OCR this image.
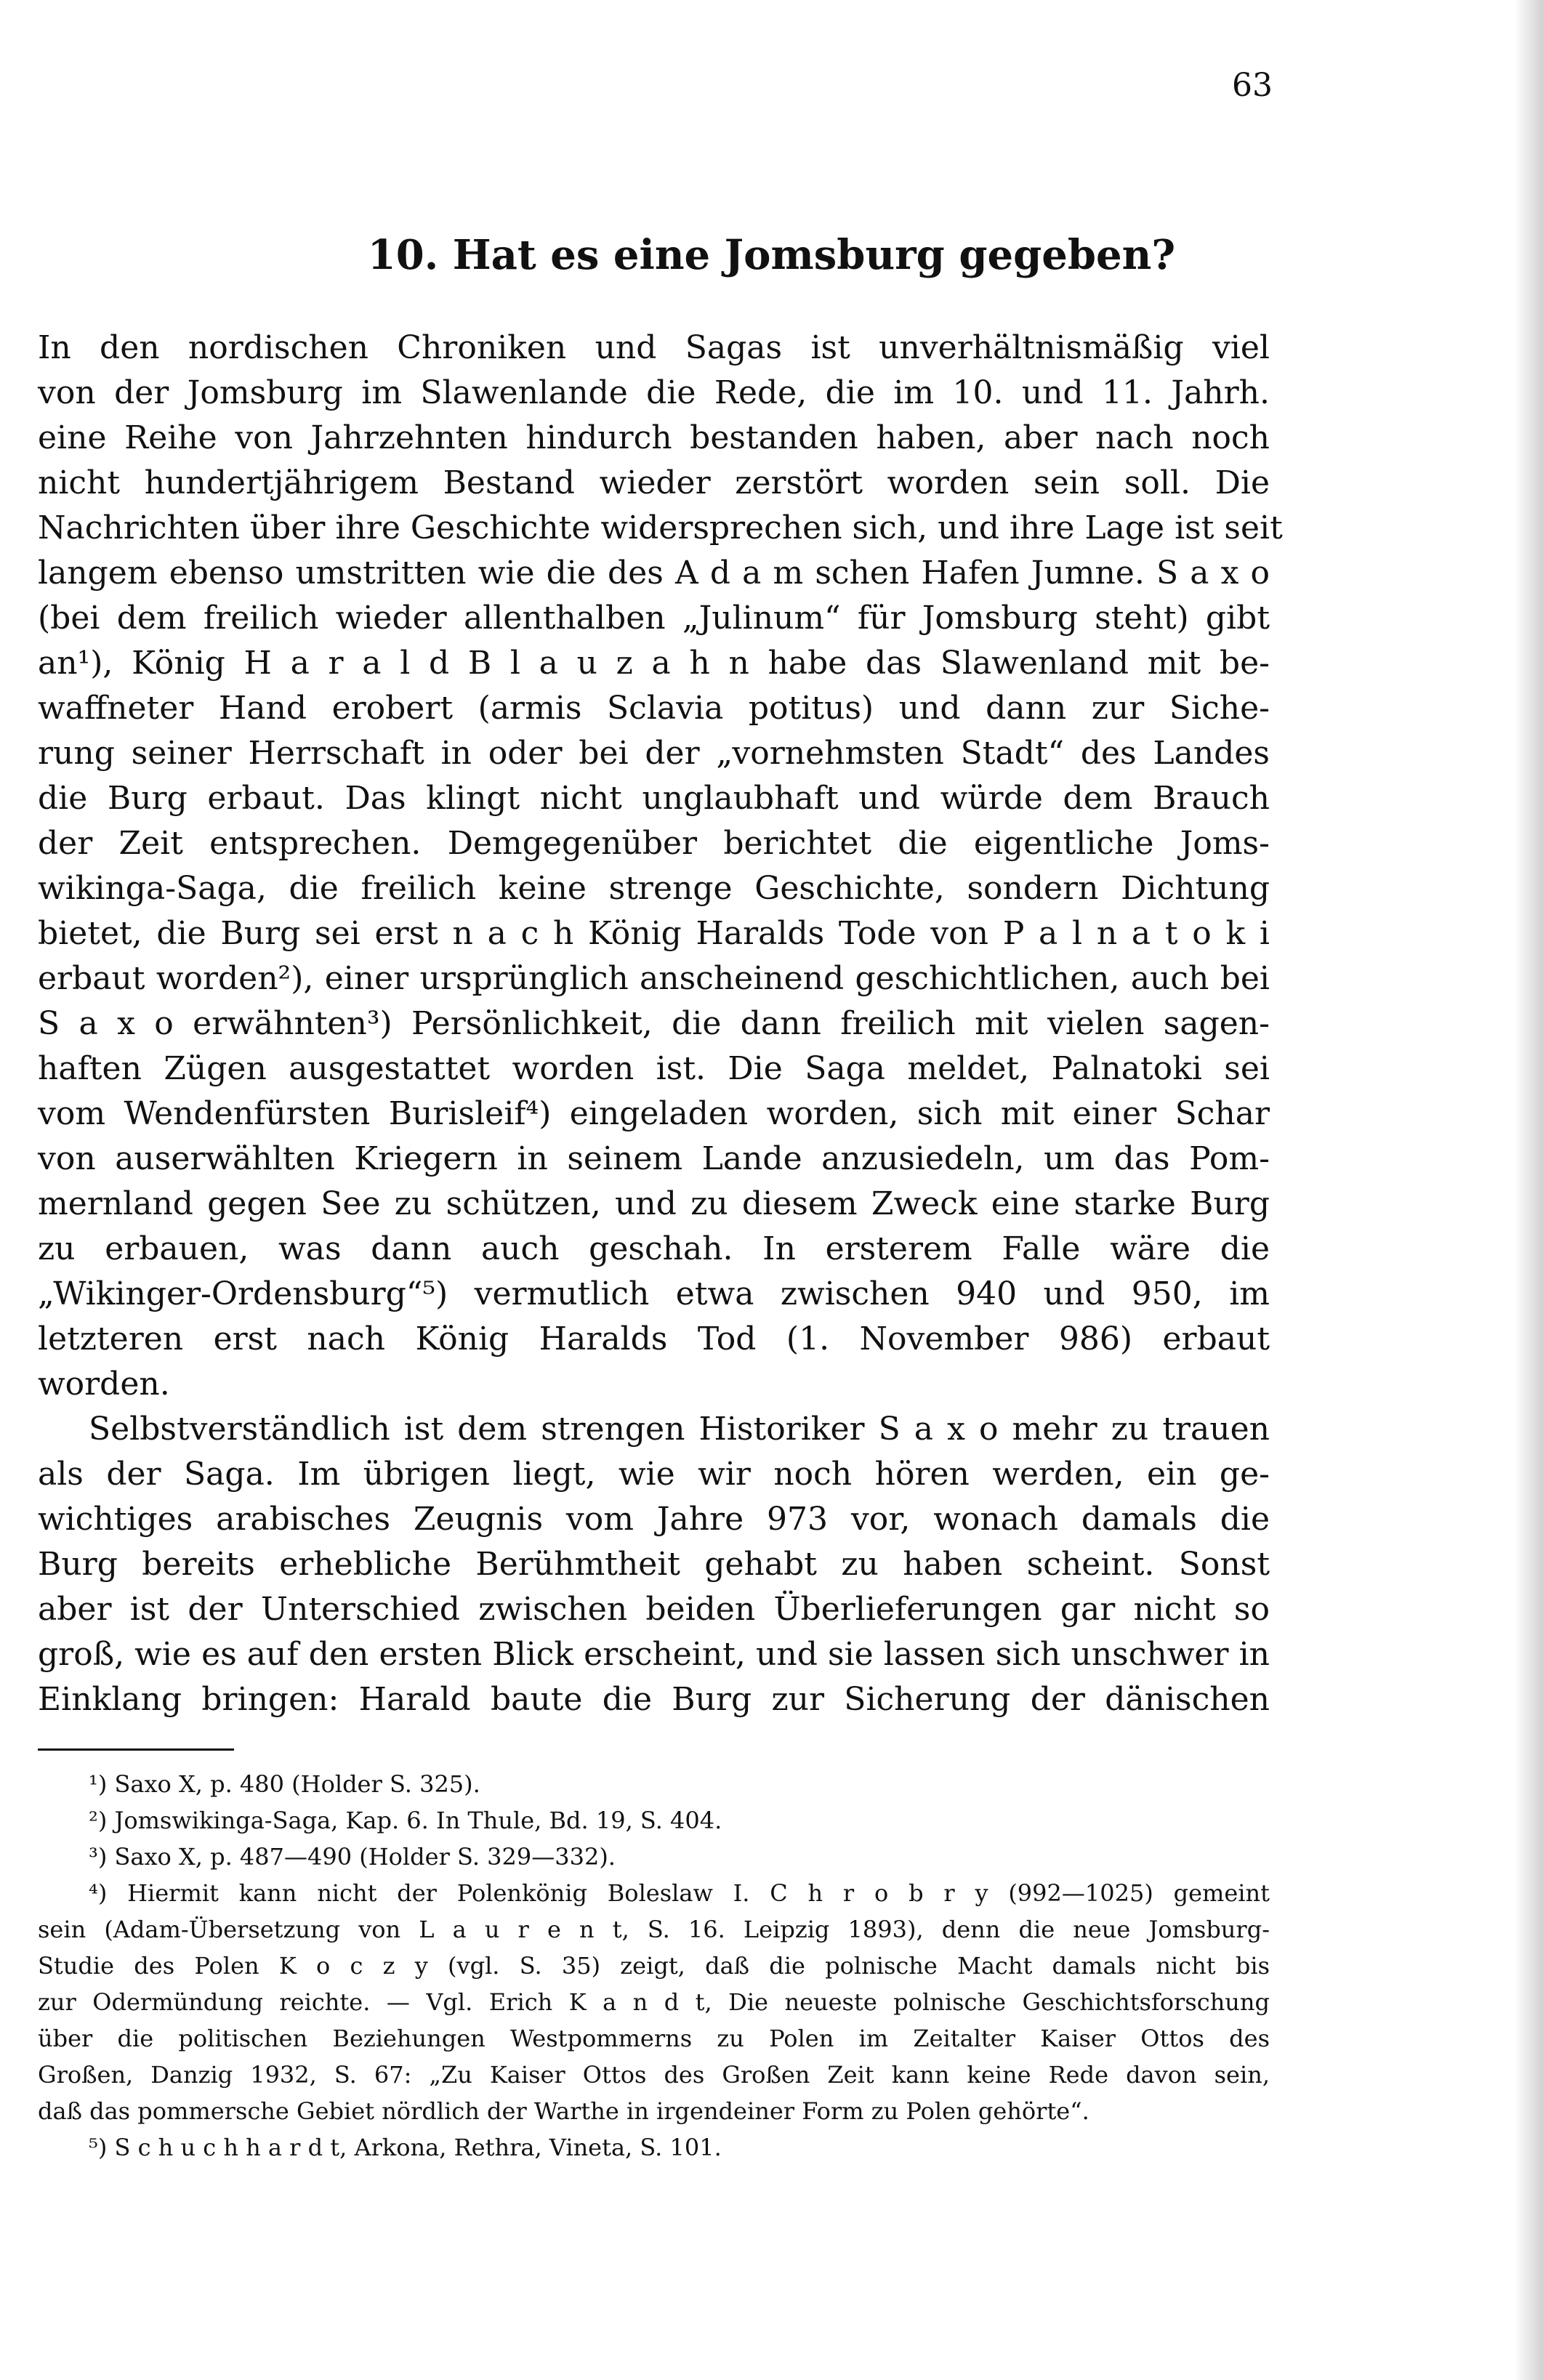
63
10. Hat es eine Jomsburg gegeben?
In den nordischen Chroniken und Sagas ist unverhältnismäßig viel
von der Jomsburg im Slawenlande die Rede, die im 10. und 11. Jahrh.
eine Reihe von Jahrzehnten hindurch bestanden haben, aber nach noch
nicht hundertjährigem Bestand wieder zerstört worden sein soll. Die
Nachrichten über ihre Geschichte widersprechen sich, und ihre Lage ist seit
langem ebenso umstritten wie die des A d a m schen Hafen Jumne. S a x o
(bei dem freilich wieder allenthalben „Julinum“ für Jomsburg steht) gibt
an¹), König H a r a l d B l a u z a h n habe das Slawenland mit be-
waffneter Hand erobert (armis Sclavia potitus) und dann zur Siche-
rung seiner Herrschaft in oder bei der „vornehmsten Stadt“ des Landes
die Burg erbaut. Das klingt nicht unglaubhaft und würde dem Brauch
der Zeit entsprechen. Demgegenüber berichtet die eigentliche Joms-
wikinga-Saga, die freilich keine strenge Geschichte, sondern Dichtung
bietet, die Burg sei erst n a c h König Haralds Tode von P a l n a t o k i
erbaut worden²), einer ursprünglich anscheinend geschichtlichen, auch bei
S a x o erwähnten³) Persönlichkeit, die dann freilich mit vielen sagen-
haften Zügen ausgestattet worden ist. Die Saga meldet, Palnatoki sei
vom Wendenfürsten Burisleif⁴) eingeladen worden, sich mit einer Schar
von auserwählten Kriegern in seinem Lande anzusiedeln, um das Pom-
mernland gegen See zu schützen, und zu diesem Zweck eine starke Burg
zu erbauen, was dann auch geschah. In ersterem Falle wäre die
„Wikinger-Ordensburg“⁵) vermutlich etwa zwischen 940 und 950, im
letzteren erst nach König Haralds Tod (1. November 986) erbaut
worden.
Selbstverständlich ist dem strengen Historiker S a x o mehr zu trauen
als der Saga. Im übrigen liegt, wie wir noch hören werden, ein ge-
wichtiges arabisches Zeugnis vom Jahre 973 vor, wonach damals die
Burg bereits erhebliche Berühmtheit gehabt zu haben scheint. Sonst
aber ist der Unterschied zwischen beiden Überlieferungen gar nicht so
groß, wie es auf den ersten Blick erscheint, und sie lassen sich unschwer in
Einklang bringen: Harald baute die Burg zur Sicherung der dänischen
¹) Saxo X, p. 480 (Holder S. 325).
²) Jomswikinga-Saga, Kap. 6. In Thule, Bd. 19, S. 404.
³) Saxo X, p. 487—490 (Holder S. 329—332).
⁴) Hiermit kann nicht der Polenkönig Boleslaw I. C h r o b r y (992—1025) gemeint
sein (Adam-Übersetzung von L a u r e n t, S. 16. Leipzig 1893), denn die neue Jomsburg-
Studie des Polen K o c z y (vgl. S. 35) zeigt, daß die polnische Macht damals nicht bis
zur Odermündung reichte. — Vgl. Erich K a n d t, Die neueste polnische Geschichtsforschung
über die politischen Beziehungen Westpommerns zu Polen im Zeitalter Kaiser Ottos des
Großen, Danzig 1932, S. 67: „Zu Kaiser Ottos des Großen Zeit kann keine Rede davon sein,
daß das pommersche Gebiet nördlich der Warthe in irgendeiner Form zu Polen gehörte“.
⁵) S c h u c h h a r d t, Arkona, Rethra, Vineta, S. 101.
